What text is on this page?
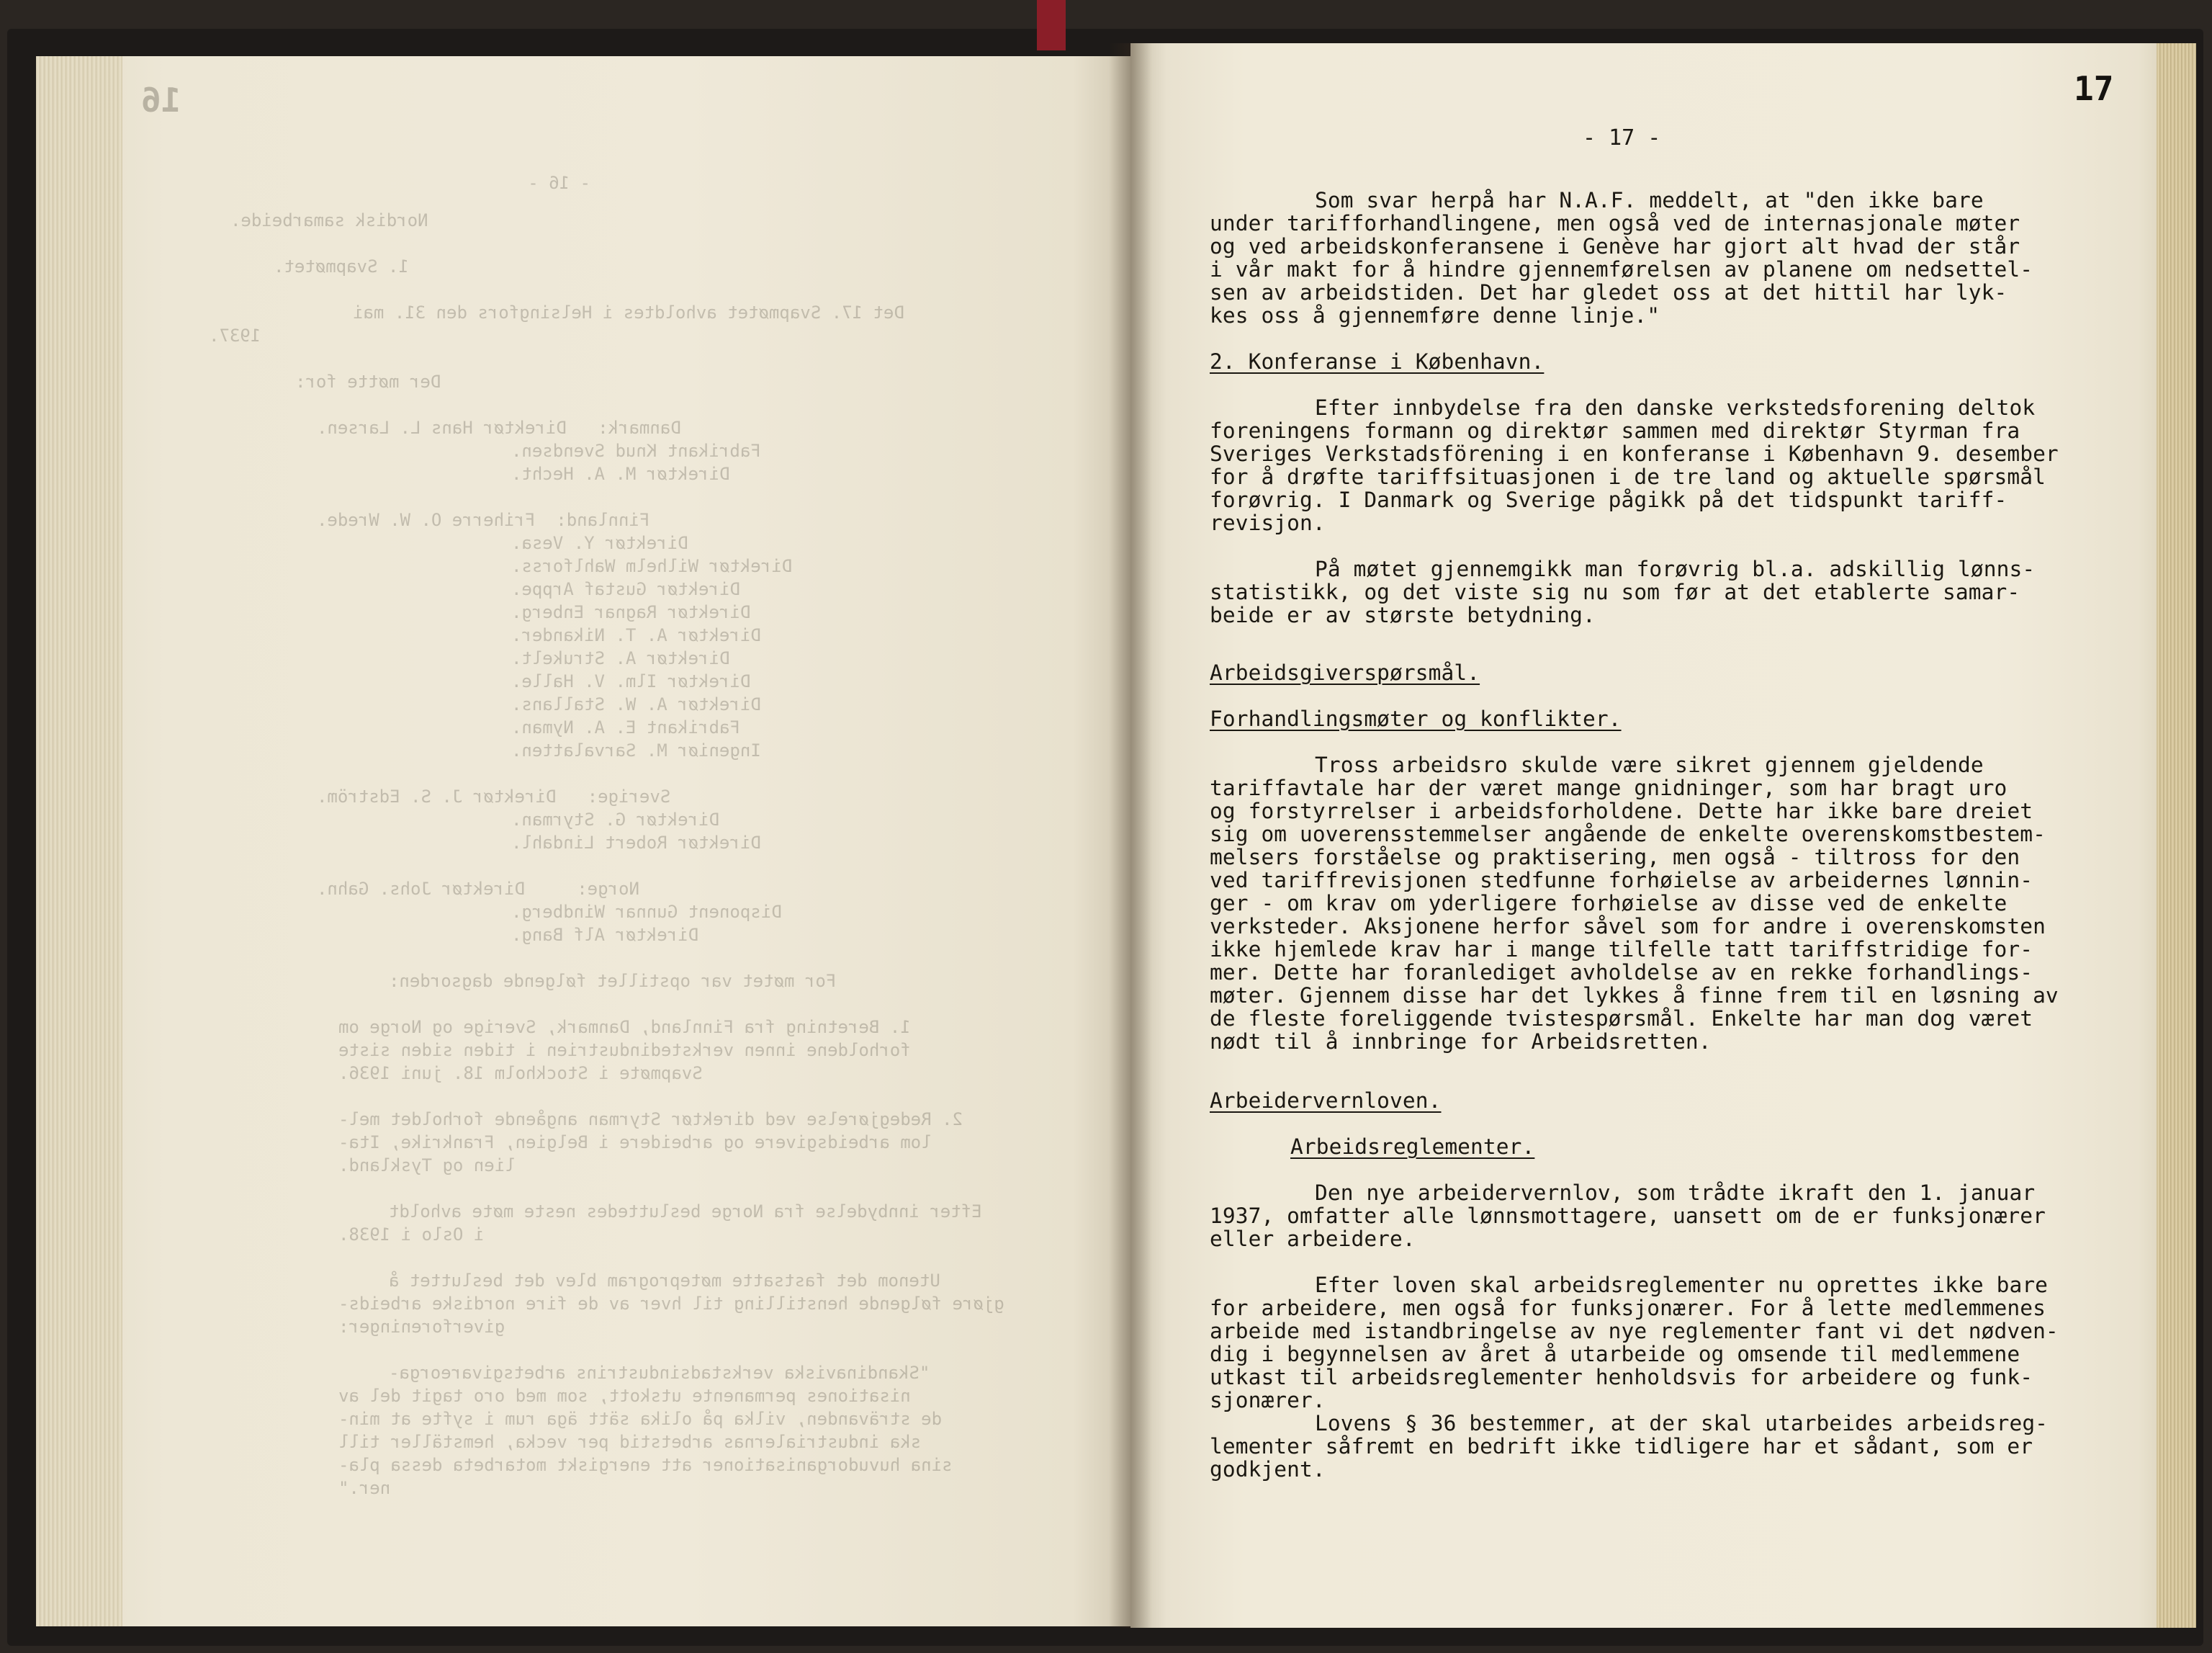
16
- 16 -
Nordisk samarbeide.
1. Svapmøtet.
Det 17. Svapmøtet avholdtes i Helsingfors den 31. mai
1937.
Der møtte for:
Danmark:   Direktør Hans L. Larsen.
Fabrikant Knud Svendsen.
Direktør M. A. Hecht.
Finnland:  Friherre O. W. Wrede.
Direktør Y. Vesa.
Direktør Wilhelm Wahlforss.
Direktør Gustaf Arppe.
Direktør Ragnar Enberg.
Direktør A. T. Nikander.
Direktør A. Strukelt.
Direktør Ilm. V. Halle.
Direktør A. W. Stallans.
Fabrikant E. A. Nyman.
Ingeniør M. Sarvalatten.
Sverige:   Direktør J. S. Edström.
Direktør G. Styrman.
Direktør Robert Lindahl.
Norge:     Direktør Johs. Gahn.
Disponent Gunnar Windberg.
Direktør Alf Bang.
For møtet var opstillet følgende dagsorden:
1. Beretning fra Finnland, Danmark, Sverige og Norge om
forholdene innen verkstedindustrien i tiden siden siste
Svapmøte i Stockholm 18. juni 1936.
2. Redegjørelse ved direktør Styrman angående forholdet mel-
lom arbeidsgivere og arbeidere i Belgien, Frankrike, Ita-
lien og Tyskland.
Efter innbydelse fra Norge besluttedes neste møte avholdt
i Oslo i 1938.
Utenom det fastsatte møteprogram blev det besluttet å
gjøre følgende henstilling til hver av de fire nordiske arbeids-
giverforeninger:
"Skandinaviska verkstadsindustrins arbetsgivareorga-
nisationes permanente utskott, som med oro tagit del av
de strävanden, vilka på olika sätt äga rum i syfte at min-
ska industrialernas arbetstid per vecka, hemställer till
sina huvudorganisationer att energiskt motarbeta dessa pla-
ner."
17
- 17 -
Som svar herpå har N.A.F. meddelt, at "den ikke bare
under tarifforhandlingene, men også ved de internasjonale møter
og ved arbeidskonferansene i Genève har gjort alt hvad der står
i vår makt for å hindre gjennemførelsen av planene om nedsettel-
sen av arbeidstiden. Det har gledet oss at det hittil har lyk-
kes oss å gjennemføre denne linje."
2. Konferanse i København.
Efter innbydelse fra den danske verkstedsforening deltok
foreningens formann og direktør sammen med direktør Styrman fra
Sveriges Verkstadsförening i en konferanse i København 9. desember
for å drøfte tariffsituasjonen i de tre land og aktuelle spørsmål
forøvrig. I Danmark og Sverige pågikk på det tidspunkt tariff-
revisjon.
På møtet gjennemgikk man forøvrig bl.a. adskillig lønns-
statistikk, og det viste sig nu som før at det etablerte samar-
beide er av største betydning.
Arbeidsgiverspørsmål.
Forhandlingsmøter og konflikter.
Tross arbeidsro skulde være sikret gjennem gjeldende
tariffavtale har der været mange gnidninger, som har bragt uro
og forstyrrelser i arbeidsforholdene. Dette har ikke bare dreiet
sig om uoverensstemmelser angående de enkelte overenskomstbestem-
melsers forståelse og praktisering, men også - tiltross for den
ved tariffrevisjonen stedfunne forhøielse av arbeidernes lønnin-
ger - om krav om yderligere forhøielse av disse ved de enkelte
verksteder. Aksjonene herfor såvel som for andre i overenskomsten
ikke hjemlede krav har i mange tilfelle tatt tariffstridige for-
mer. Dette har foranlediget avholdelse av en rekke forhandlings-
møter. Gjennem disse har det lykkes å finne frem til en løsning av
de fleste foreliggende tvistespørsmål. Enkelte har man dog været
nødt til å innbringe for Arbeidsretten.
Arbeidervernloven.
Arbeidsreglementer.
Den nye arbeidervernlov, som trådte ikraft den 1. januar
1937, omfatter alle lønnsmottagere, uansett om de er funksjonærer
eller arbeidere.
Efter loven skal arbeidsreglementer nu oprettes ikke bare
for arbeidere, men også for funksjonærer. For å lette medlemmenes
arbeide med istandbringelse av nye reglementer fant vi det nødven-
dig i begynnelsen av året å utarbeide og omsende til medlemmene
utkast til arbeidsreglementer henholdsvis for arbeidere og funk-
sjonærer.
Lovens § 36 bestemmer, at der skal utarbeides arbeidsreg-
lementer såfremt en bedrift ikke tidligere har et sådant, som er
godkjent.
